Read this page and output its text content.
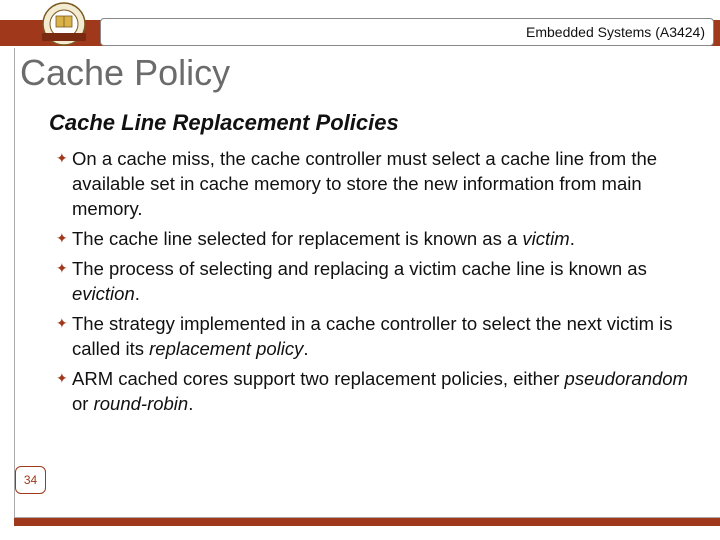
Embedded Systems (A3424)
Cache Policy
Cache Line Replacement Policies
✦ On a cache miss, the cache controller must select a cache line from the available set in cache memory to store the new information from main memory.
✦ The cache line selected for replacement is known as a victim.
✦ The process of selecting and replacing a victim cache line is known as eviction.
✦ The strategy implemented in a cache controller to select the next victim is called its replacement policy.
✦ ARM cached cores support two replacement policies, either pseudorandom or round-robin.
34
